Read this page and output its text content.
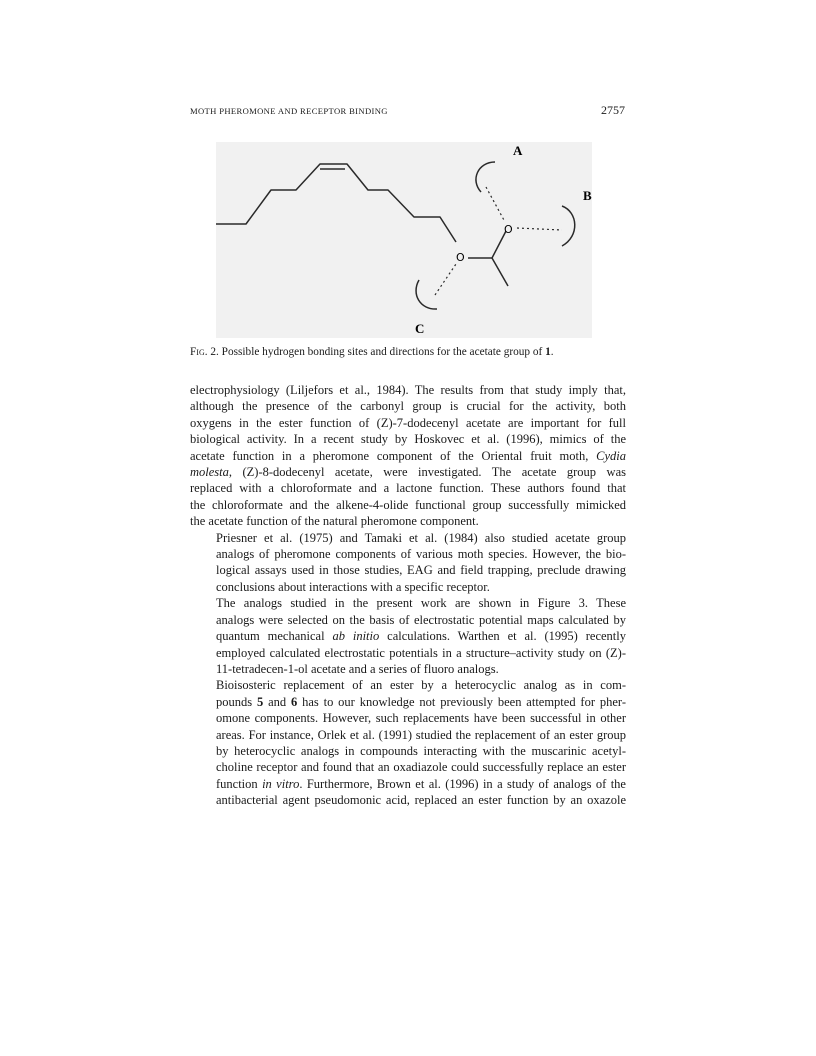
MOTH PHEROMONE AND RECEPTOR BINDING	2757
O
O
A
B
C
Fig. 2. Possible hydrogen bonding sites and directions for the acetate group of 1.

electrophysiology (Liljefors et al., 1984). The results from that study imply that,
although the presence of the carbonyl group is crucial for the activity, both
oxygens in the ester function of (Z)-7-dodecenyl acetate are important for full
biological activity. In a recent study by Hoskovec et al. (1996), mimics of the
acetate function in a pheromone component of the Oriental fruit moth, Cydia
molesta, (Z)-8-dodecenyl acetate, were investigated. The acetate group was
replaced with a chloroformate and a lactone function. These authors found that
the chloroformate and the alkene-4-olide functional group successfully mimicked
the acetate function of the natural pheromone component.

Priesner et al. (1975) and Tamaki et al. (1984) also studied acetate group
analogs of pheromone components of various moth species. However, the bio-
logical assays used in those studies, EAG and field trapping, preclude drawing
conclusions about interactions with a specific receptor.

The analogs studied in the present work are shown in Figure 3. These
analogs were selected on the basis of electrostatic potential maps calculated by
quantum mechanical ab initio calculations. Warthen et al. (1995) recently
employed calculated electrostatic potentials in a structure–activity study on (Z)-
11-tetradecen-1-ol acetate and a series of fluoro analogs.

Bioisosteric replacement of an ester by a heterocyclic analog as in com-
pounds 5 and 6 has to our knowledge not previously been attempted for pher-
omone components. However, such replacements have been successful in other
areas. For instance, Orlek et al. (1991) studied the replacement of an ester group
by heterocyclic analogs in compounds interacting with the muscarinic acetyl-
choline receptor and found that an oxadiazole could successfully replace an ester
function in vitro. Furthermore, Brown et al. (1996) in a study of analogs of the
antibacterial agent pseudomonic acid, replaced an ester function by an oxazole
